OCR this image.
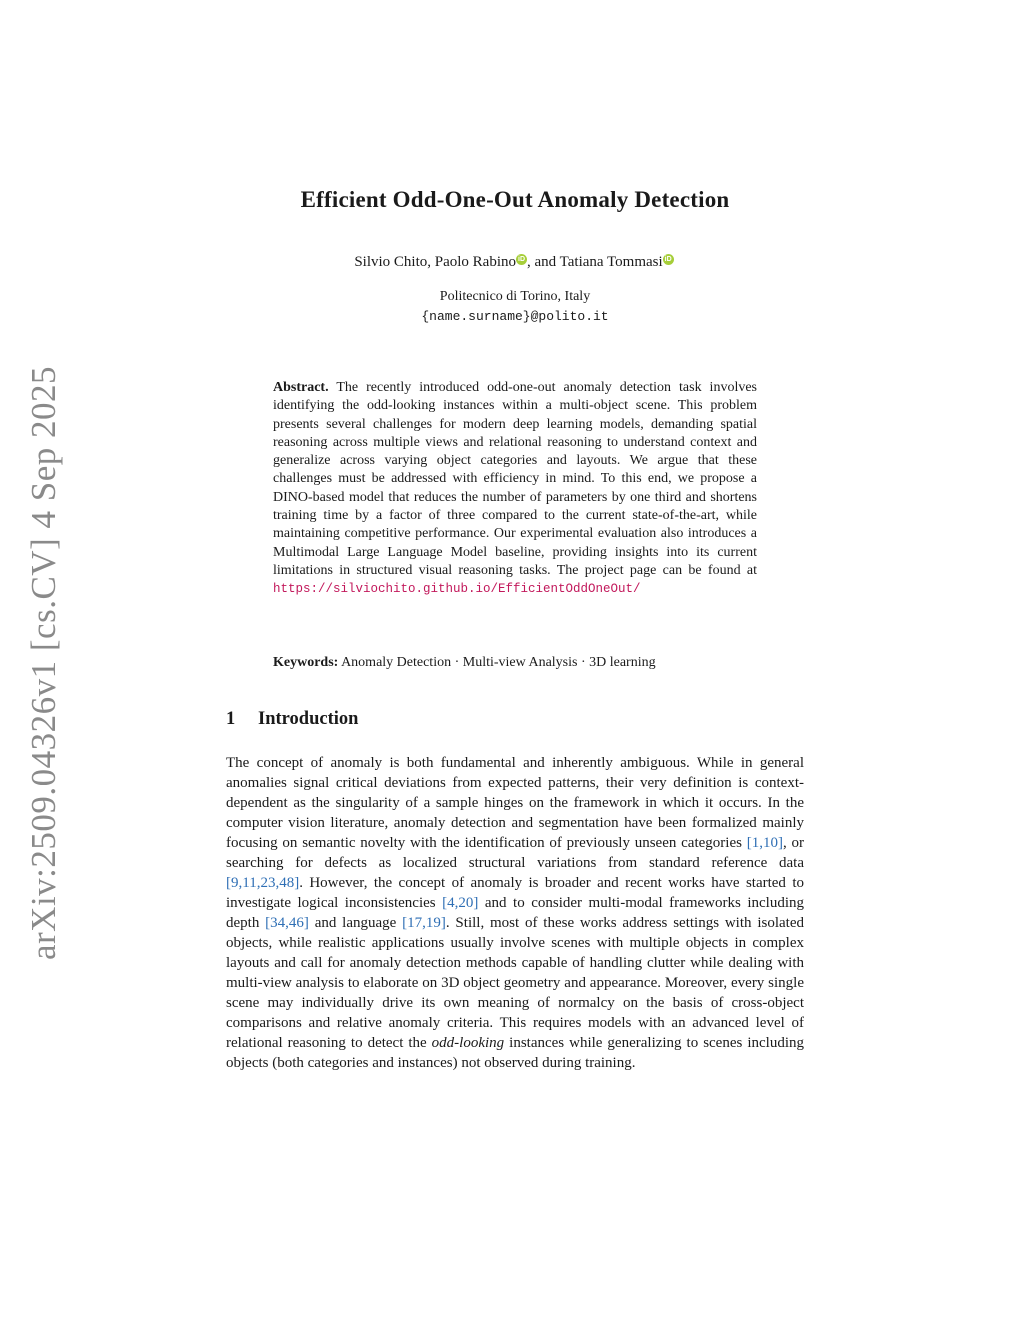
arXiv:2509.04326v1 [cs.CV] 4 Sep 2025
Efficient Odd-One-Out Anomaly Detection
Silvio Chito, Paolo Rabino iD , and Tatiana Tommasi iD
Politecnico di Torino, Italy
{name.surname}@polito.it
Abstract. The recently introduced odd-one-out anomaly detection task involves identifying the odd-looking instances within a multi-object scene. This problem presents several challenges for modern deep learning models, demanding spatial reasoning across multiple views and relational reasoning to understand context and generalize across varying object categories and layouts. We argue that these challenges must be addressed with efficiency in mind. To this end, we propose a DINO-based model that reduces the number of parameters by one third and shortens training time by a factor of three compared to the current state-of-the-art, while maintaining competitive performance. Our experimental evaluation also introduces a Multimodal Large Language Model baseline, providing insights into its current limitations in structured visual reasoning tasks. The project page can be found at https://silviochito.github.io/EfficientOddOneOut/
Keywords: Anomaly Detection · Multi-view Analysis · 3D learning
1 Introduction
The concept of anomaly is both fundamental and inherently ambiguous. While in general anomalies signal critical deviations from expected patterns, their very definition is context-dependent as the singularity of a sample hinges on the framework in which it occurs. In the computer vision literature, anomaly detection and segmentation have been formalized mainly focusing on semantic novelty with the identification of previously unseen categories [1,10], or searching for defects as localized structural variations from standard reference data [9,11,23,48]. However, the concept of anomaly is broader and recent works have started to investigate logical inconsistencies [4,20] and to consider multi-modal frameworks including depth [34,46] and language [17,19]. Still, most of these works address settings with isolated objects, while realistic applications usually involve scenes with multiple objects in complex layouts and call for anomaly detection methods capable of handling clutter while dealing with multi-view analysis to elaborate on 3D object geometry and appearance. Moreover, every single scene may individually drive its own meaning of normalcy on the basis of cross-object comparisons and relative anomaly criteria. This requires models with an advanced level of relational reasoning to detect the odd-looking instances while generalizing to scenes including objects (both categories and instances) not observed during training.
